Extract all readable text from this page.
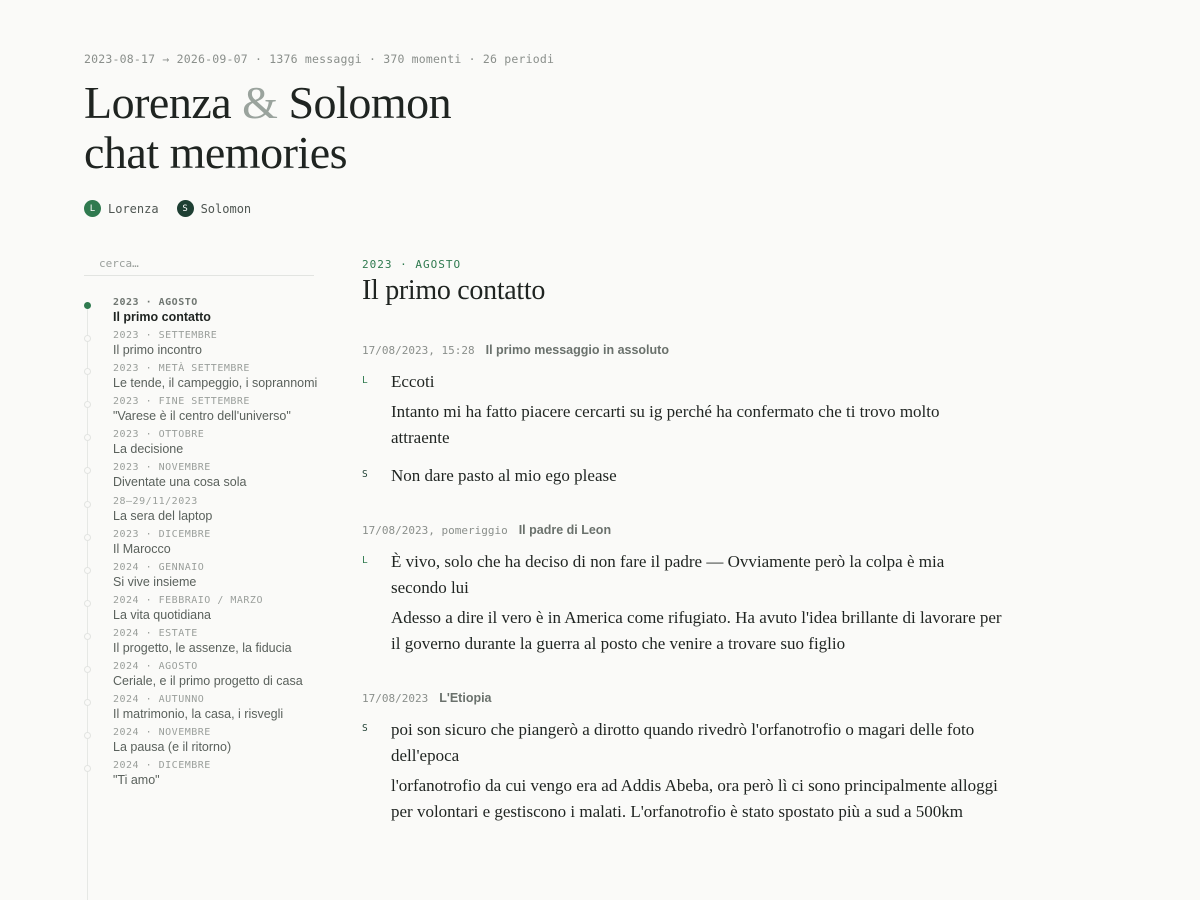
2023-08-17 → 2026-09-07 · 1376 messaggi · 370 momenti · 26 periodi
Lorenza & Solomon
chat memories
L	Lorenza	S	Solomon
cerca…
2023 · AGOSTO
Il primo contatto
2023 · SETTEMBRE
Il primo incontro
2023 · METÀ SETTEMBRE
Le tende, il campeggio, i soprannomi
2023 · FINE SETTEMBRE
"Varese è il centro dell'universo"
2023 · OTTOBRE
La decisione
2023 · NOVEMBRE
Diventate una cosa sola
28–29/11/2023
La sera del laptop
2023 · DICEMBRE
Il Marocco
2024 · GENNAIO
Si vive insieme
2024 · FEBBRAIO / MARZO
La vita quotidiana
2024 · ESTATE
Il progetto, le assenze, la fiducia
2024 · AGOSTO
Ceriale, e il primo progetto di casa
2024 · AUTUNNO
Il matrimonio, la casa, i risvegli
2024 · NOVEMBRE
La pausa (e il ritorno)
2024 · DICEMBRE
"Ti amo"
2023 · AGOSTO
Il primo contatto
17/08/2023, 15:28 Il primo messaggio in assoluto
L	Eccoti

Intanto mi ha fatto piacere cercarti su ig perché ha confermato che ti trovo molto attraente

S	Non dare pasto al mio ego please

17/08/2023, pomeriggio Il padre di Leon
L	È vivo, solo che ha deciso di non fare il padre — Ovviamente però la colpa è mia secondo lui

Adesso a dire il vero è in America come rifugiato. Ha avuto l'idea brillante di lavorare per il governo durante la guerra al posto che venire a trovare suo figlio

17/08/2023 L'Etiopia
S	poi son sicuro che piangerò a dirotto quando rivedrò l'orfanotrofio o magari delle foto dell'epoca

l'orfanotrofio da cui vengo era ad Addis Abeba, ora però lì ci sono principalmente alloggi per volontari e gestiscono i malati. L'orfanotrofio è stato spostato più a sud a 500km
